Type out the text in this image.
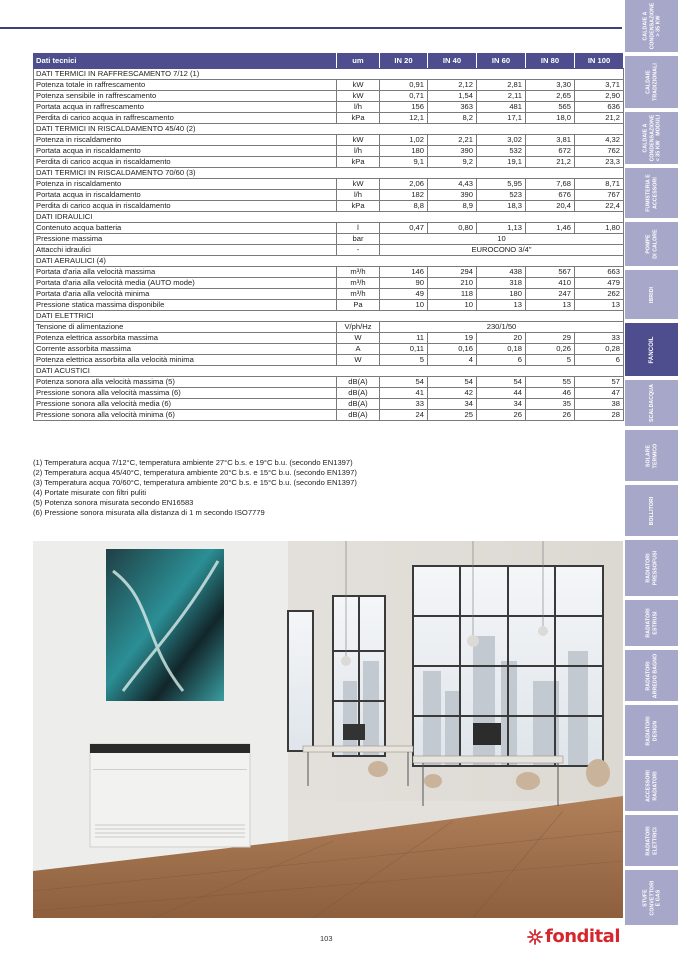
CALDAIE A
CONDENSAZIONE
> 35 KW
CALDAIE
TRADIZIONALI
CALDAIE A
CONDENSAZIONE
< 35 KW   MODULI
FUMISTERIA E
ACCESSORI
POMPE
DI CALORE
IBRIDI
FANCOIL
SCALDACQUA
SOLARE
TERMICO
BOLLITORI
RADIATORI
PRESSOFUSI
RADIATORI
ESTRUSI
RADIATORI
ARREDO BAGNO
RADIATORI
DESIGN
ACCESSORI
RADIATORI
RADIATORI
ELETTRICI
STUFE
CONVETTORI
E GAS
Dati tecnici	um	IN 20	IN 40	IN 60	IN 80	IN 100
DATI TERMICI IN RAFFRESCAMENTO 7/12 (1)						
Potenza totale in raffrescamento	kW	0,91	2,12	2,81	3,30	3,71
Potenza sensibile in raffrescamento	kW	0,71	1,54	2,11	2,65	2,90
Portata acqua in raffrescamento	l/h	156	363	481	565	636
Perdita di carico acqua in raffrescamento	kPa	12,1	8,2	17,1	18,0	21,2
DATI TERMICI IN RISCALDAMENTO 45/40 (2)						
Potenza in riscaldamento	kW	1,02	2,21	3,02	3,81	4,32
Portata acqua in riscaldamento	l/h	180	390	532	672	762
Perdita di carico acqua in riscaldamento	kPa	9,1	9,2	19,1	21,2	23,3
DATI TERMICI IN RISCALDAMENTO 70/60 (3)						
Potenza in riscaldamento	kW	2,06	4,43	5,95	7,68	8,71
Portata acqua in riscaldamento	l/h	182	390	523	676	767
Perdita di carico acqua in riscaldamento	kPa	8,8	8,9	18,3	20,4	22,4
DATI IDRAULICI						
Contenuto acqua batteria	l	0,47	0,80	1,13	1,46	1,80
Pressione massima	bar	10				
Attacchi idraulici	-	EUROCONO 3/4"				
DATI AERAULICI (4)						
Portata d'aria alla velocità massima	m³/h	146	294	438	567	663
Portata d'aria alla velocità media (AUTO mode)	m³/h	90	210	318	410	479
Portata d'aria alla velocità minima	m³/h	49	118	180	247	262
Pressione statica massima disponibile	Pa	10	10	13	13	13
DATI ELETTRICI						
Tensione di alimentazione	V/ph/Hz	230/1/50				
Potenza elettrica assorbita massima	W	11	19	20	29	33
Corrente assorbita massima	A	0,11	0,16	0,18	0,26	0,28
Potenza elettrica assorbita alla velocità minima	W	5	4	6	5	6
DATI ACUSTICI						
Potenza sonora alla velocità massima (5)	dB(A)	54	54	54	55	57
Pressione sonora alla velocità massima (6)	dB(A)	41	42	44	46	47
Pressione sonora alla velocità media (6)	dB(A)	33	34	34	35	38
Pressione sonora alla velocità minima (6)	dB(A)	24	25	26	26	28
(1) Temperatura acqua 7/12°C, temperatura ambiente 27°C b.s. e 19°C b.u. (secondo EN1397)
(2) Temperatura acqua 45/40°C, temperatura ambiente 20°C b.s. e 15°C b.u. (secondo EN1397)
(3) Temperatura acqua 70/60°C, temperatura ambiente 20°C b.s. e 15°C b.u. (secondo EN1397)
(4) Portate misurate con filtri puliti
(5) Potenza sonora misurata secondo EN16583
(6) Pressione sonora misurata alla distanza di 1 m secondo ISO7779
103	fondital
